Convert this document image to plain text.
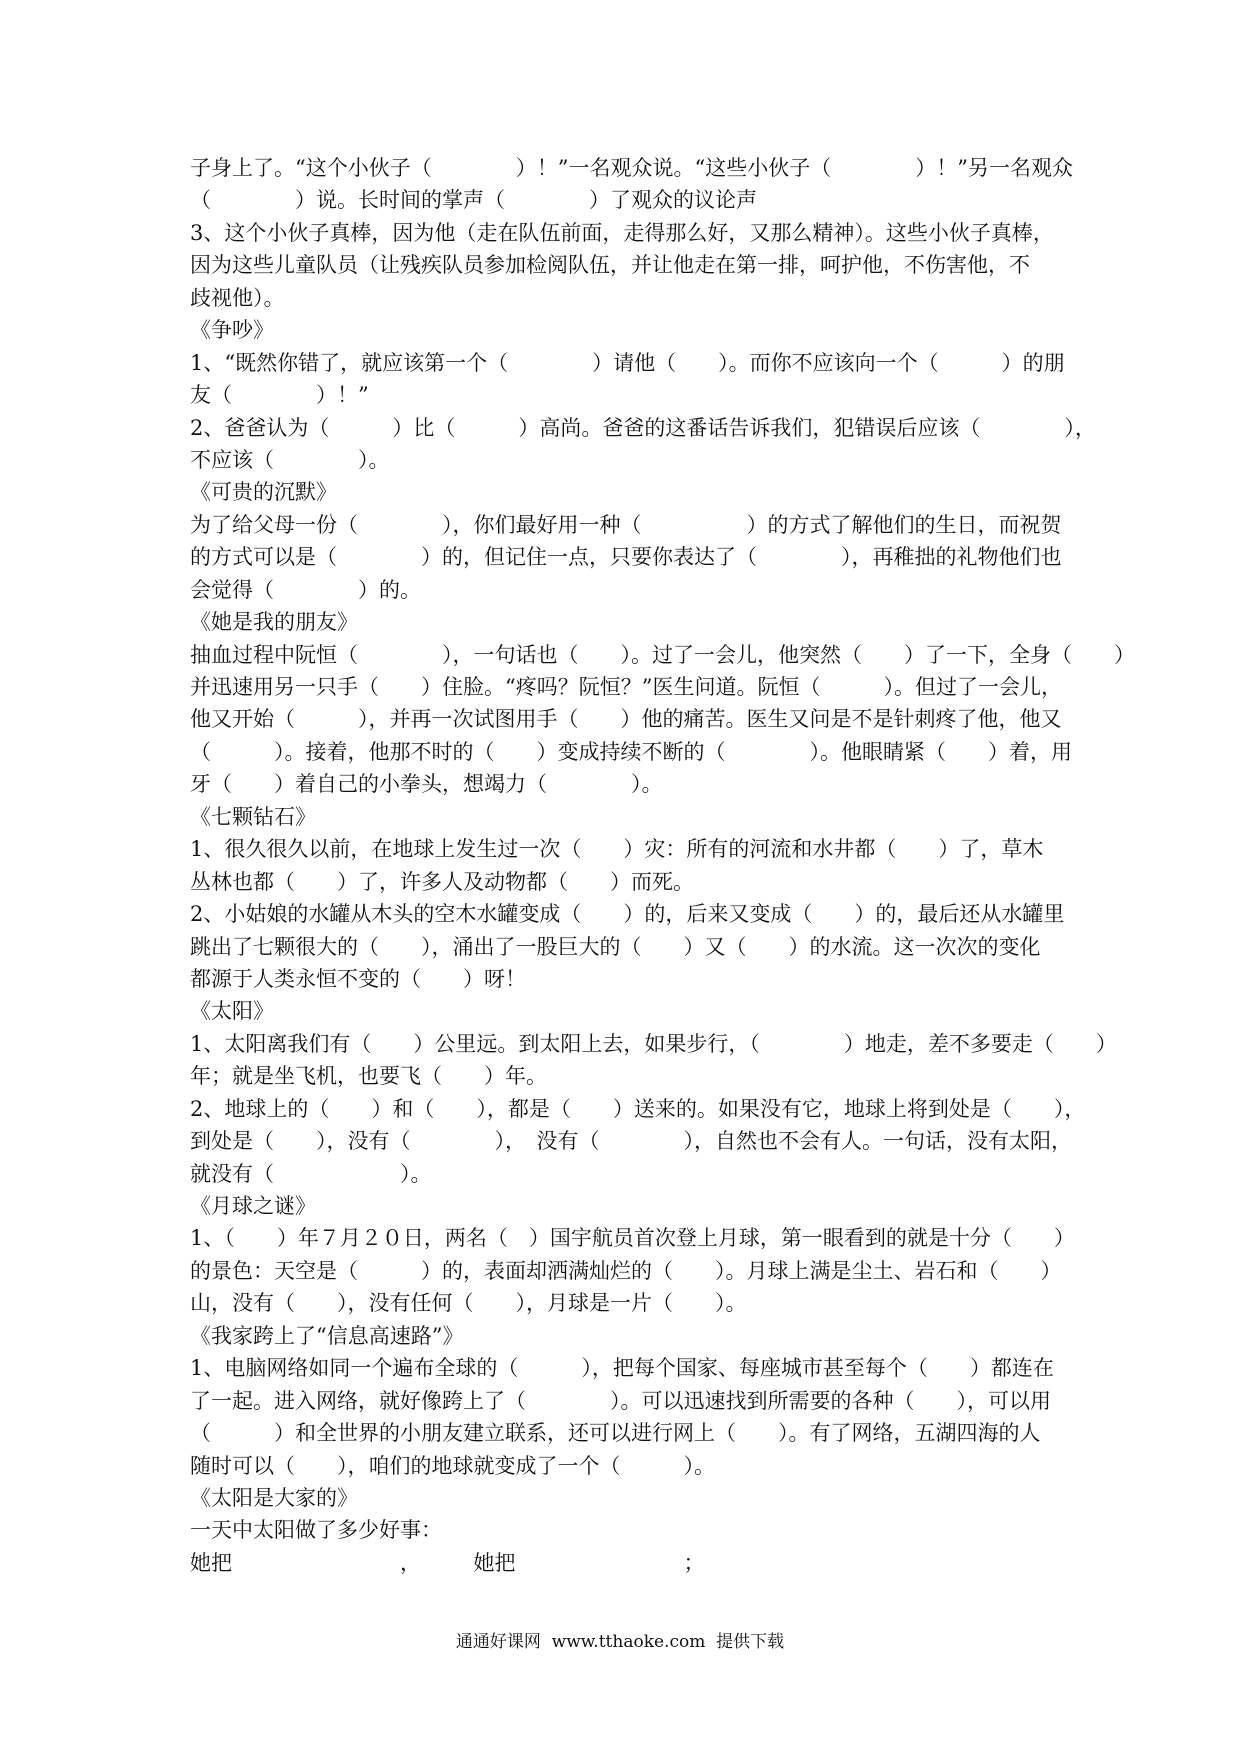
子身上了。“这个小伙子（　　　　）！”一名观众说。“这些小伙子（　　　　）！”另一名观众
（　　　　）说。长时间的掌声（　　　　）了观众的议论声
3、这个小伙子真棒，因为他（走在队伍前面，走得那么好，又那么精神）。这些小伙子真棒，
因为这些儿童队员（让残疾队员参加检阅队伍，并让他走在第一排，呵护他，不伤害他，不
歧视他）。
《争吵》
1、“既然你错了，就应该第一个（　　　　）请他（　　）。而你不应该向一个（　　　）的朋
友（　　　　）！”
2、爸爸认为（　　　）比（　　　）高尚。爸爸的这番话告诉我们，犯错误后应该（　　　　），
不应该（　　　　）。
《可贵的沉默》
为了给父母一份（　　　　），你们最好用一种（　　　　　）的方式了解他们的生日，而祝贺
的方式可以是（　　　　）的，但记住一点，只要你表达了（　　　　），再稚拙的礼物他们也
会觉得（　　　　）的。
《她是我的朋友》
抽血过程中阮恒（　　　　），一句话也（　　）。过了一会儿，他突然（　　）了一下，全身（　　）
并迅速用另一只手（　　）住脸。“疼吗？阮恒？”医生问道。阮恒（　　　）。但过了一会儿，
他又开始（　　　），并再一次试图用手（　　）他的痛苦。医生又问是不是针刺疼了他，他又
（　　　）。接着，他那不时的（　　）变成持续不断的（　　　　）。他眼睛紧（　　）着，用
牙（　　）着自己的小拳头，想竭力（　　　　）。
《七颗钻石》
1、很久很久以前，在地球上发生过一次（　　）灾：所有的河流和水井都（　　）了，草木
丛林也都（　　）了，许多人及动物都（　　）而死。
2、小姑娘的水罐从木头的空木水罐变成（　　）的，后来又变成（　　）的，最后还从水罐里
跳出了七颗很大的（　　），涌出了一股巨大的（　　）又（　　）的水流。这一次次的变化
都源于人类永恒不变的（　　）呀！
《太阳》
1、太阳离我们有（　　）公里远。到太阳上去，如果步行，（　　　　）地走，差不多要走（　　）
年；就是坐飞机，也要飞（　　）年。
2、地球上的（　　）和（　　），都是（　　）送来的。如果没有它，地球上将到处是（　　），
到处是（　　），没有（　　　　），　没有（　　　　），自然也不会有人。一句话，没有太阳，
就没有（　　　　　　）。
《月球之谜》
1、（　　）年７月２０日，两名（　）国宇航员首次登上月球，第一眼看到的就是十分（　　）
的景色：天空是（　　　）的，表面却洒满灿烂的（　　）。月球上满是尘土、岩石和（　　）
山，没有（　　），没有任何（　　），月球是一片（　　）。
《我家跨上了“信息高速路”》
1、电脑网络如同一个遍布全球的（　　　），把每个国家、每座城市甚至每个（　　）都连在
了一起。进入网络，就好像跨上了（　　　　）。可以迅速找到所需要的各种（　　），可以用
（　　　）和全世界的小朋友建立联系，还可以进行网上（　　）。有了网络，五湖四海的人
随时可以（　　），咱们的地球就变成了一个（　　　）。
《太阳是大家的》
一天中太阳做了多少好事：
她把　　　　　　　　，　　　她把　　　　　　　　；
通通好课网  www.tthaoke.com  提供下载
